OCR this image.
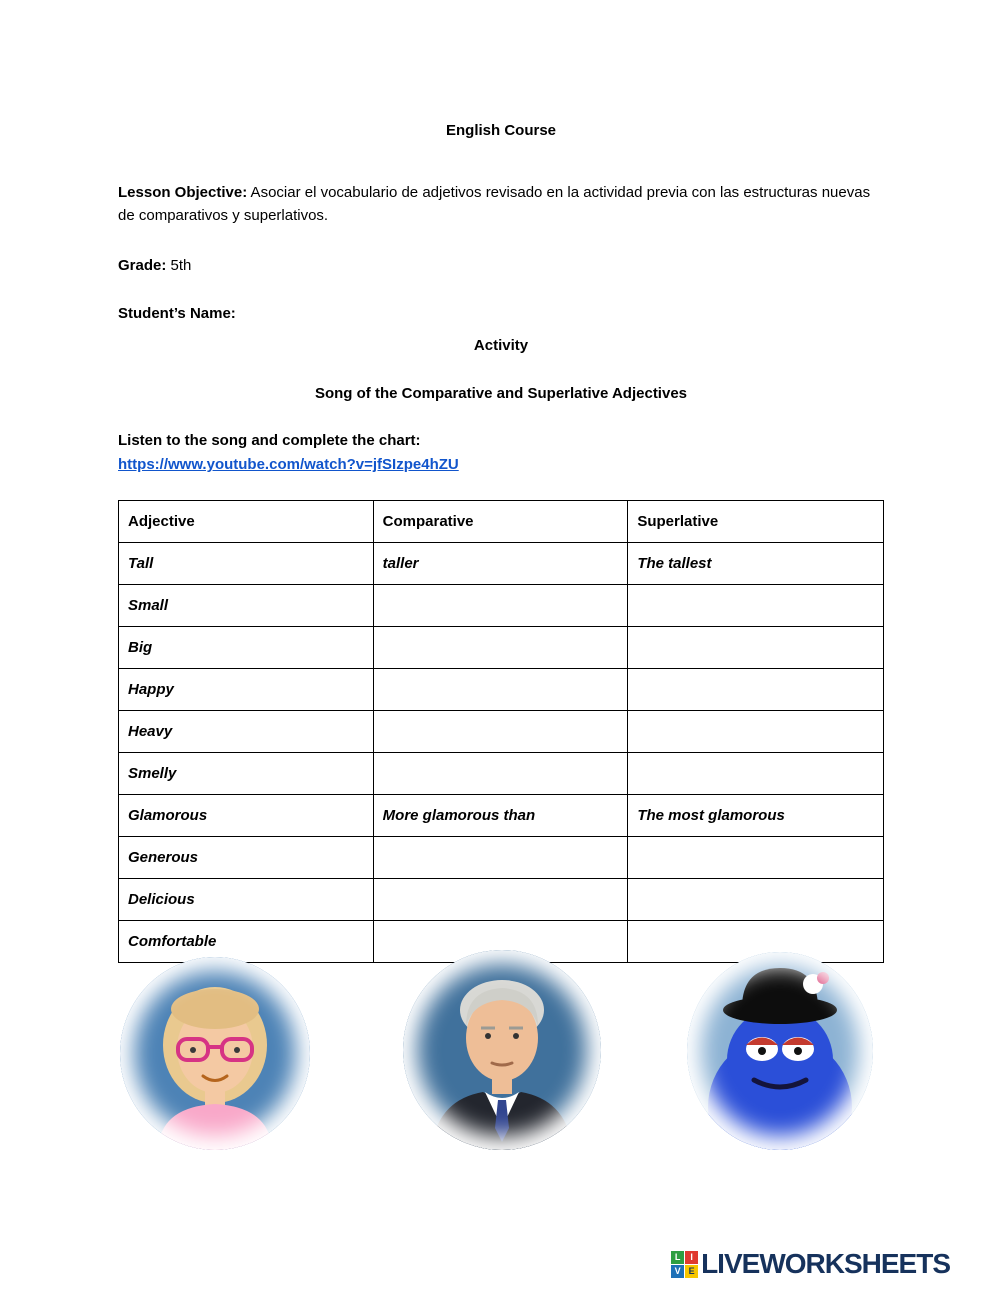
English Course

Lesson Objective: Asociar el vocabulario de adjetivos revisado en la actividad previa con las estructuras nuevas de comparativos y superlativos.

Grade: 5th

Student’s Name:

Activity
Song of the Comparative and Superlative Adjectives
Listen to the song and complete the chart:
https://www.youtube.com/watch?v=jfSIzpe4hZU
Adjective	Comparative	Superlative
Tall	taller	The tallest
Small		
Big		
Happy		
Heavy		
Smelly		
Glamorous	More glamorous than	The most glamorous
Generous		
Delicious		
Comfortable		
L	I
V E LIVEWORKSHEETS
